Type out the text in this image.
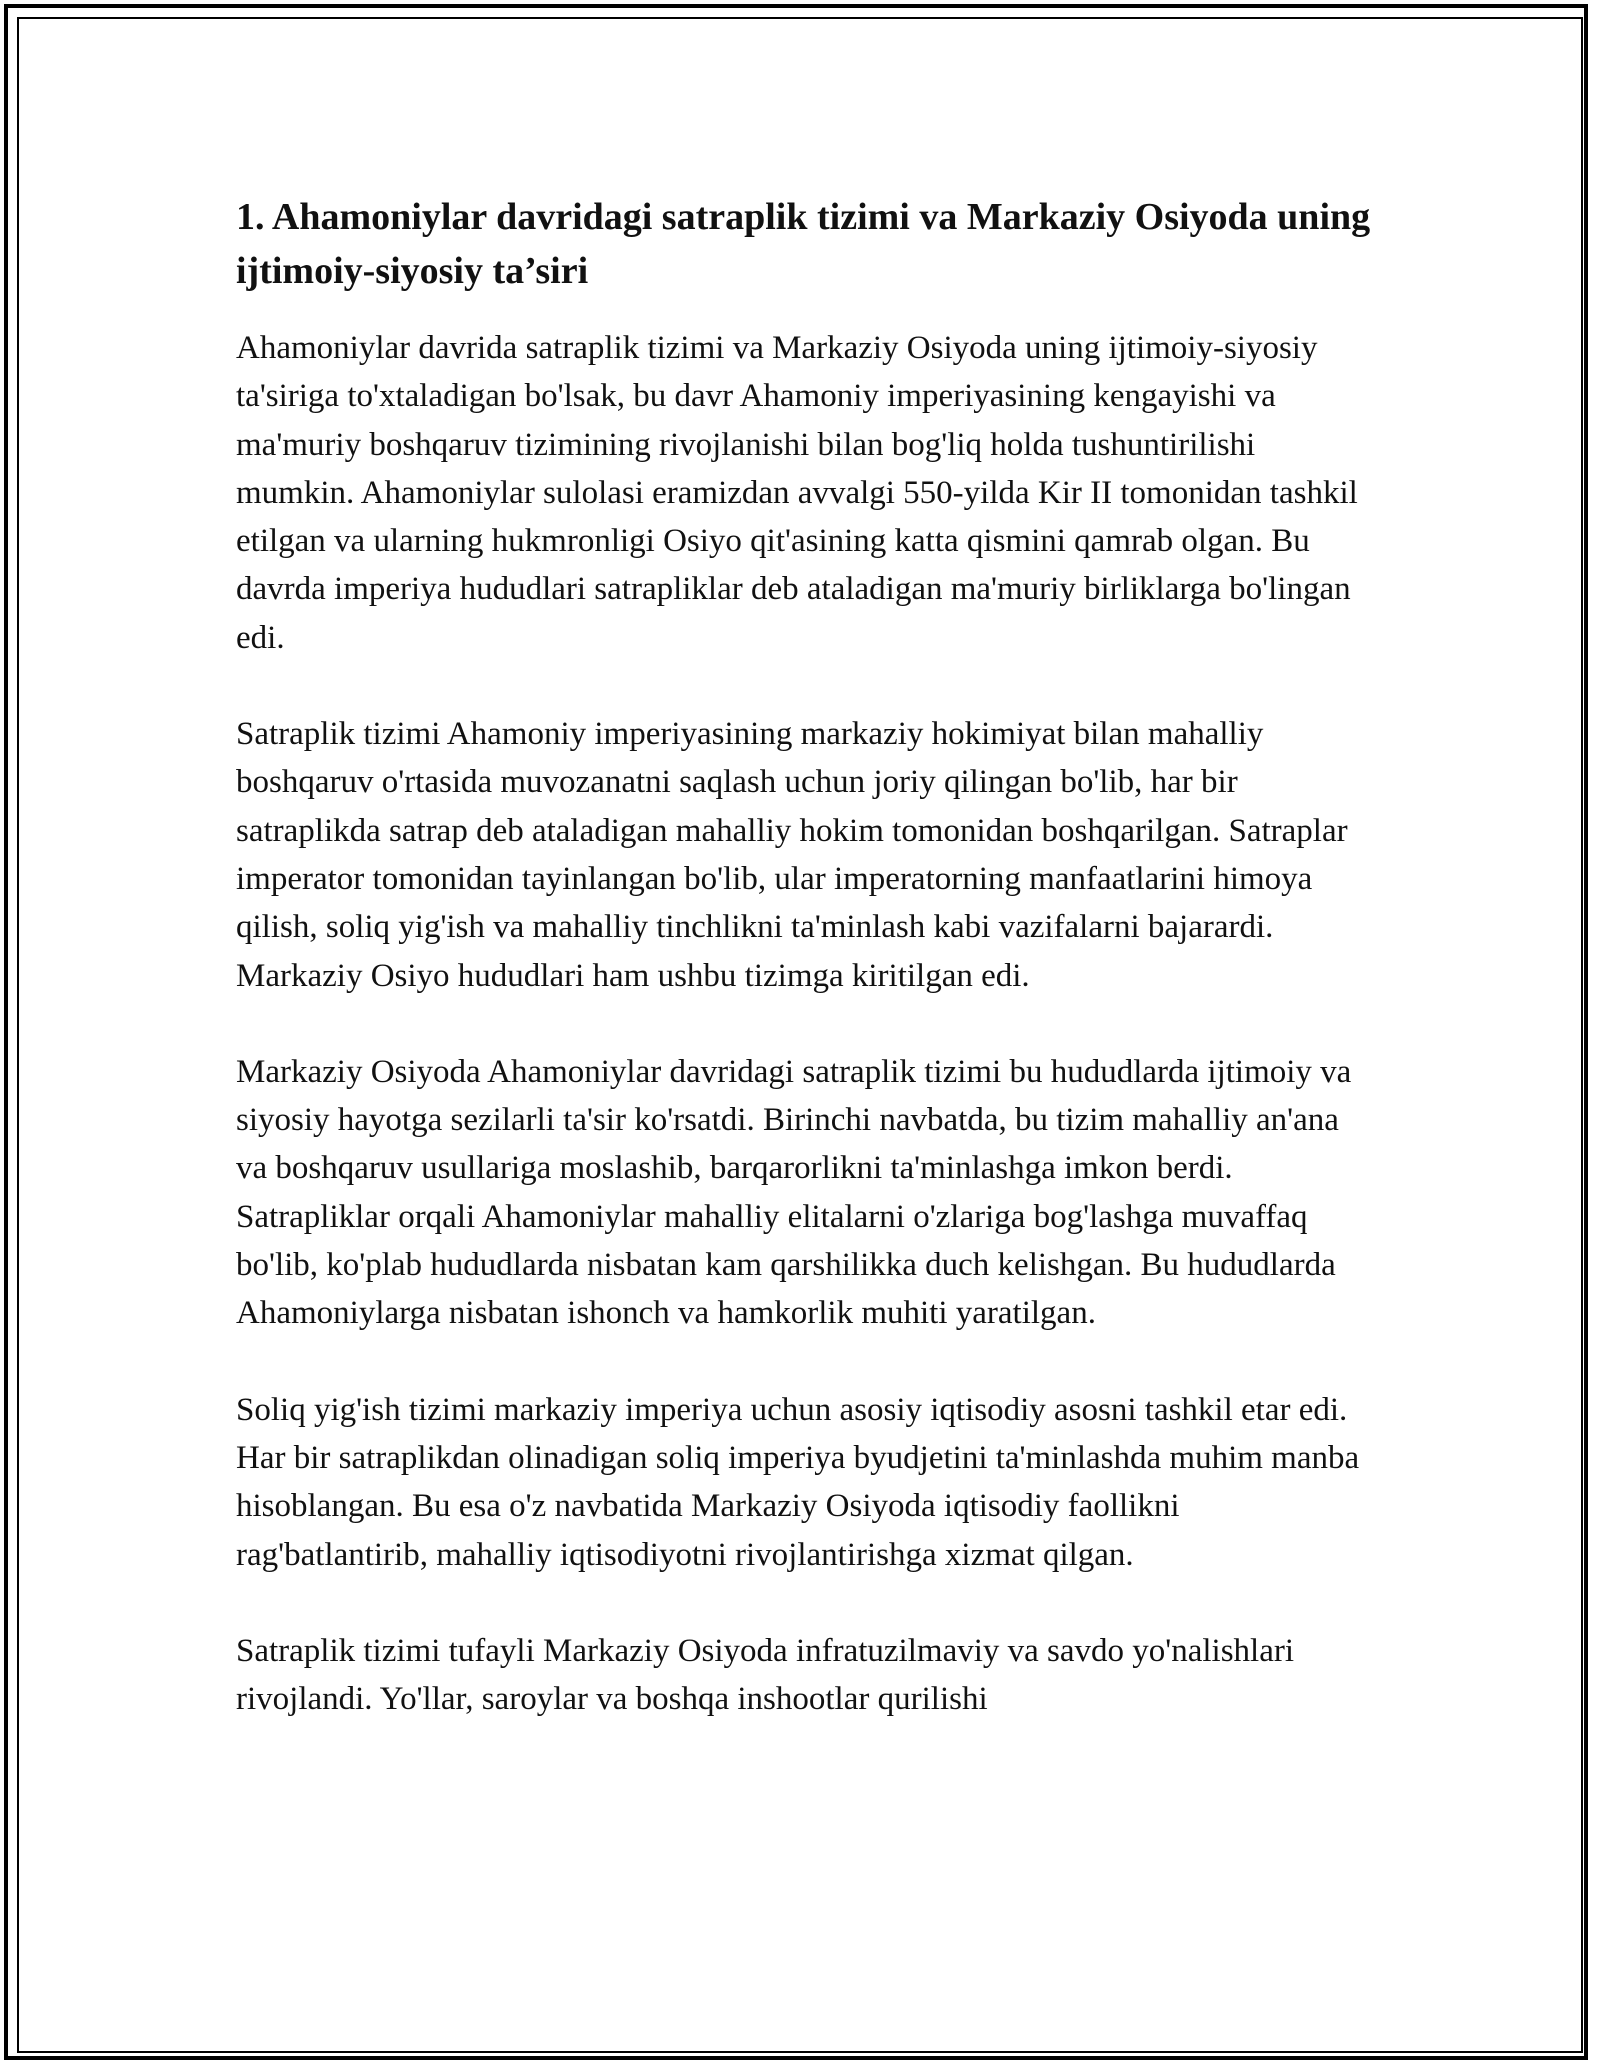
1. Ahamoniylar davridagi satraplik tizimi va Markaziy Osiyoda uning ijtimoiy-siyosiy ta’siri

Ahamoniylar davrida satraplik tizimi va Markaziy Osiyoda uning ijtimoiy-siyosiy ta'siriga to'xtaladigan bo'lsak, bu davr Ahamoniy imperiyasining kengayishi va ma'muriy boshqaruv tizimining rivojlanishi bilan bog'liq holda tushuntirilishi mumkin. Ahamoniylar sulolasi eramizdan avvalgi 550-yilda Kir II tomonidan tashkil etilgan va ularning hukmronligi Osiyo qit'asining katta qismini qamrab olgan. Bu davrda imperiya hududlari satrapliklar deb ataladigan ma'muriy birliklarga bo'lingan edi.

Satraplik tizimi Ahamoniy imperiyasining markaziy hokimiyat bilan mahalliy boshqaruv o'rtasida muvozanatni saqlash uchun joriy qilingan bo'lib, har bir satraplikda satrap deb ataladigan mahalliy hokim tomonidan boshqarilgan. Satraplar imperator tomonidan tayinlangan bo'lib, ular imperatorning manfaatlarini himoya qilish, soliq yig'ish va mahalliy tinchlikni ta'minlash kabi vazifalarni bajarardi. Markaziy Osiyo hududlari ham ushbu tizimga kiritilgan edi.

Markaziy Osiyoda Ahamoniylar davridagi satraplik tizimi bu hududlarda ijtimoiy va siyosiy hayotga sezilarli ta'sir ko'rsatdi. Birinchi navbatda, bu tizim mahalliy an'ana va boshqaruv usullariga moslashib, barqarorlikni ta'minlashga imkon berdi. Satrapliklar orqali Ahamoniylar mahalliy elitalarni o'zlariga bog'lashga muvaffaq bo'lib, ko'plab hududlarda nisbatan kam qarshilikka duch kelishgan. Bu hududlarda Ahamoniylarga nisbatan ishonch va hamkorlik muhiti yaratilgan.

Soliq yig'ish tizimi markaziy imperiya uchun asosiy iqtisodiy asosni tashkil etar edi. Har bir satraplikdan olinadigan soliq imperiya byudjetini ta'minlashda muhim manba hisoblangan. Bu esa o'z navbatida Markaziy Osiyoda iqtisodiy faollikni rag'batlantirib, mahalliy iqtisodiyotni rivojlantirishga xizmat qilgan.

Satraplik tizimi tufayli Markaziy Osiyoda infratuzilmaviy va savdo yo'nalishlari rivojlandi. Yo'llar, saroylar va boshqa inshootlar qurilishi
